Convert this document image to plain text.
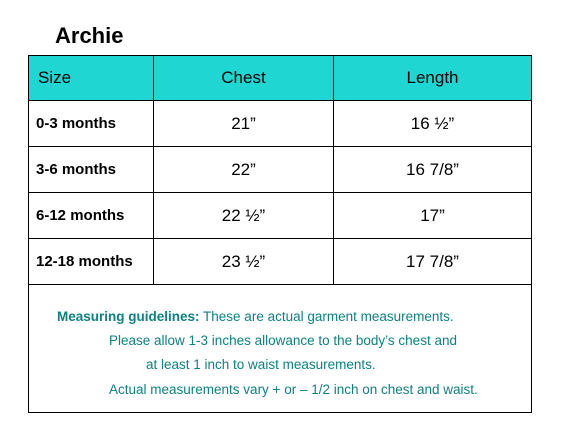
Archie
Size	Chest	Length
0-3 months	21”	16 ½”
3-6 months	22”	16 7/8”
6-12 months	22 ½”	17”
12-18 months	23 ½”	17 7/8”

Measuring guidelines: These are actual garment measurements.
Please allow 1-3 inches allowance to the body’s chest and
at least 1 inch to waist measurements.
Actual measurements vary + or – 1/2 inch on chest and waist.		
